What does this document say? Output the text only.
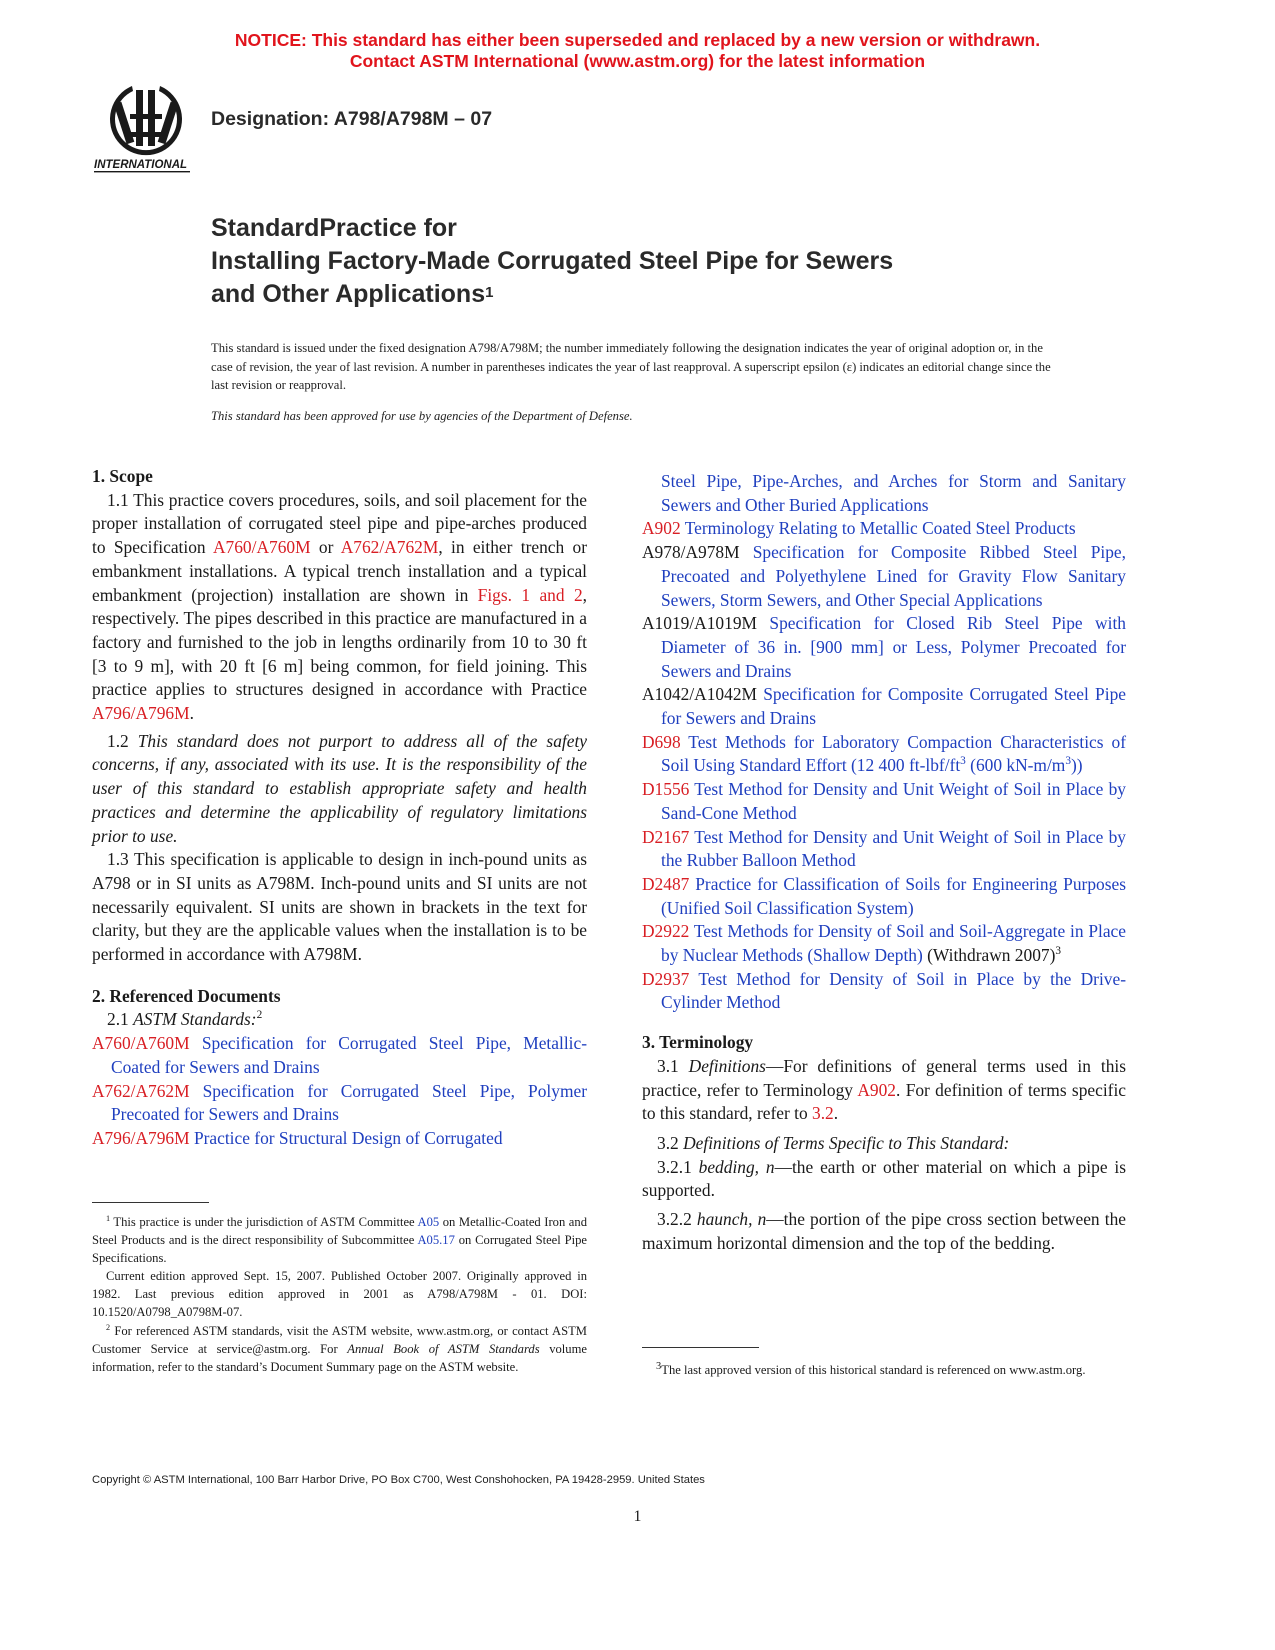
NOTICE: This standard has either been superseded and replaced by a new version or withdrawn.
Contact ASTM International (www.astm.org) for the latest information
INTERNATIONAL
Designation: A798/A798M – 07
StandardPractice for
Installing Factory-Made Corrugated Steel Pipe for Sewers
and Other Applications$^1$

This standard is issued under the fixed designation A798/A798M; the number immediately following the designation indicates the year of original adoption or, in the case of revision, the year of last revision. A number in parentheses indicates the year of last reapproval. A superscript epsilon (ε) indicates an editorial change since the last revision or reapproval.

This standard has been approved for use by agencies of the Department of Defense.

1. Scope

1.1 This practice covers procedures, soils, and soil placement for the proper installation of corrugated steel pipe and pipe-arches produced to Specification A760/A760M or A762/A762M, in either trench or embankment installations. A typical trench installation and a typical embankment (projection) installation are shown in Figs. 1 and 2, respectively. The pipes described in this practice are manufactured in a factory and furnished to the job in lengths ordinarily from 10 to 30 ft [3 to 9 m], with 20 ft [6 m] being common, for field joining. This practice applies to structures designed in accordance with Practice A796/A796M.

1.2 This standard does not purport to address all of the safety concerns, if any, associated with its use. It is the responsibility of the user of this standard to establish appropriate safety and health practices and determine the applicability of regulatory limitations prior to use.

1.3 This specification is applicable to design in inch-pound units as A798 or in SI units as A798M. Inch-pound units and SI units are not necessarily equivalent. SI units are shown in brackets in the text for clarity, but they are the applicable values when the installation is to be performed in accordance with A798M.

2. Referenced Documents

2.1 ASTM Standards:$^2$

A760/A760M Specification for Corrugated Steel Pipe, Metallic-Coated for Sewers and Drains

A762/A762M Specification for Corrugated Steel Pipe, Polymer Precoated for Sewers and Drains

A796/A796M Practice for Structural Design of Corrugated

Steel Pipe, Pipe-Arches, and Arches for Storm and Sanitary Sewers and Other Buried Applications

A902 Terminology Relating to Metallic Coated Steel Products

A978/A978M Specification for Composite Ribbed Steel Pipe, Precoated and Polyethylene Lined for Gravity Flow Sanitary Sewers, Storm Sewers, and Other Special Applications

A1019/A1019M Specification for Closed Rib Steel Pipe with Diameter of 36 in. [900 mm] or Less, Polymer Precoated for Sewers and Drains

A1042/A1042M Specification for Composite Corrugated Steel Pipe for Sewers and Drains

D698 Test Methods for Laboratory Compaction Characteristics of Soil Using Standard Effort (12 400 $ft-lbf/ft^3$ (600 $kN-m/m^3$))

D1556 Test Method for Density and Unit Weight of Soil in Place by Sand-Cone Method

D2167 Test Method for Density and Unit Weight of Soil in Place by the Rubber Balloon Method

D2487 Practice for Classification of Soils for Engineering Purposes (Unified Soil Classification System)

D2922 Test Methods for Density of Soil and Soil-Aggregate in Place by Nuclear Methods (Shallow Depth) (Withdrawn 2007)$^3$

D2937 Test Method for Density of Soil in Place by the Drive-Cylinder Method

3. Terminology

3.1 Definitions—For definitions of general terms used in this practice, refer to Terminology A902. For definition of terms specific to this standard, refer to 3.2.

3.2 Definitions of Terms Specific to This Standard:

3.2.1 bedding, n—the earth or other material on which a pipe is supported.

3.2.2 haunch, n—the portion of the pipe cross section between the maximum horizontal dimension and the top of the bedding.

$^1$ This practice is under the jurisdiction of ASTM Committee A05 on Metallic-Coated Iron and Steel Products and is the direct responsibility of Subcommittee A05.17 on Corrugated Steel Pipe Specifications.

Current edition approved Sept. 15, 2007. Published October 2007. Originally approved in 1982. Last previous edition approved in 2001 as A798/A798M - 01. DOI: 10.1520/A0798_A0798M-07.

$^2$ For referenced ASTM standards, visit the ASTM website, www.astm.org, or contact ASTM Customer Service at service@astm.org. For Annual Book of ASTM Standards volume information, refer to the standard’s Document Summary page on the ASTM website.	$^3$The last approved version of this historical standard is referenced on www.astm.org.

Copyright © ASTM International, 100 Barr Harbor Drive, PO Box C700, West Conshohocken, PA 19428-2959. United States
1
